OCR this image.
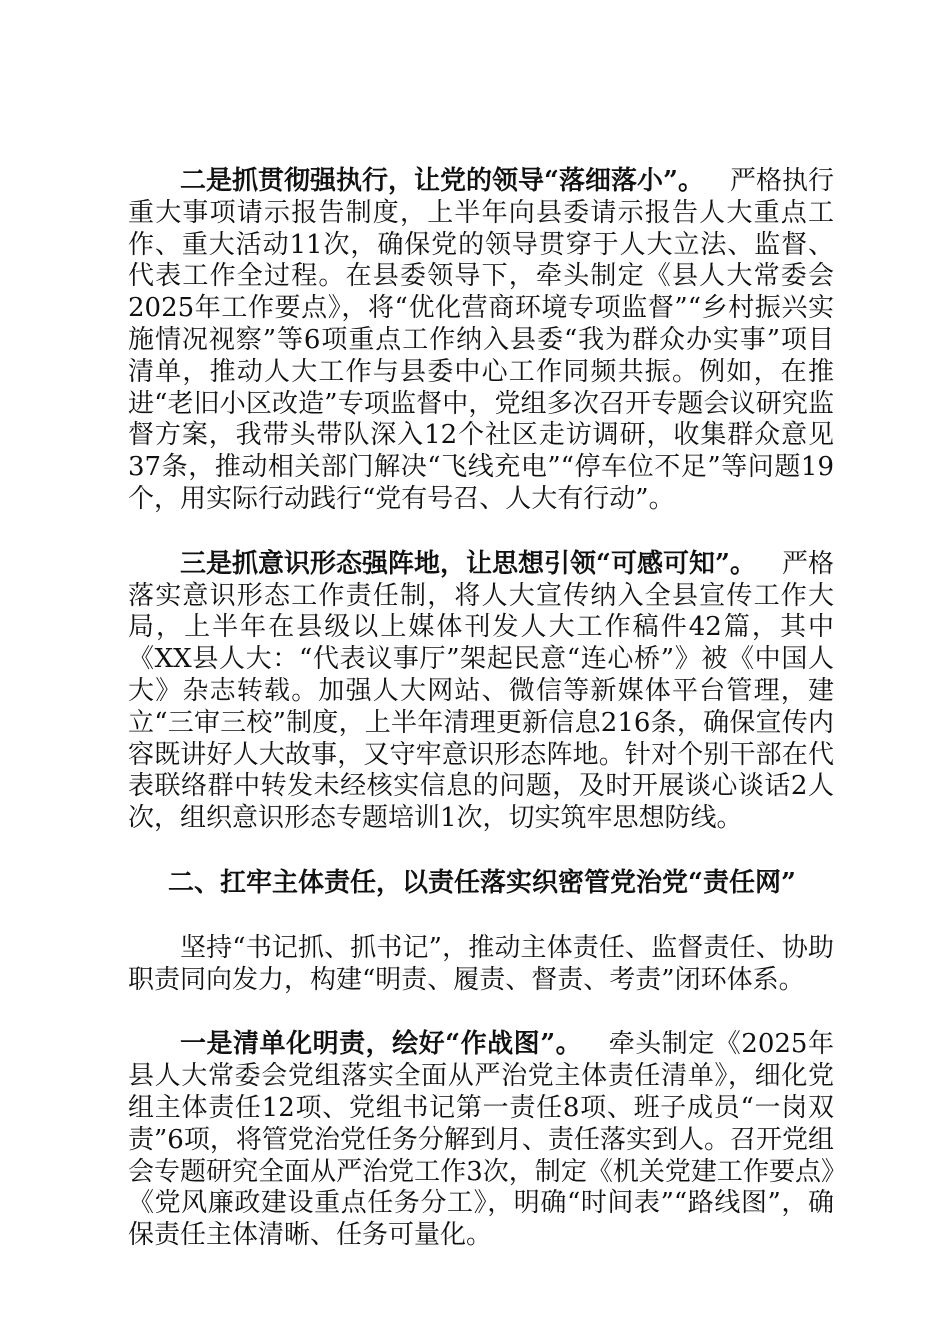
二是抓贯彻强执行，让党的领导“落细落小”。  严格执行重大事项请示报告制度，上半年向县委请示报告人大重点工作、重大活动11次，确保党的领导贯穿于人大立法、监督、代表工作全过程。在县委领导下，牵头制定《县人大常委会2025年工作要点》，将“优化营商环境专项监督”“乡村振兴实施情况视察”等6项重点工作纳入县委“我为群众办实事”项目清单，推动人大工作与县委中心工作同频共振。例如，在推进“老旧小区改造”专项监督中，党组多次召开专题会议研究监督方案，我带头带队深入12个社区走访调研，收集群众意见37条，推动相关部门解决“飞线充电”“停车位不足”等问题19个，用实际行动践行“党有号召、人大有行动”。

三是抓意识形态强阵地，让思想引领“可感可知”。  严格落实意识形态工作责任制，将人大宣传纳入全县宣传工作大局，上半年在县级以上媒体刊发人大工作稿件42篇，其中《XX县人大：“代表议事厅”架起民意“连心桥”》被《中国人大》杂志转载。加强人大网站、微信等新媒体平台管理，建立“三审三校”制度，上半年清理更新信息216条，确保宣传内容既讲好人大故事，又守牢意识形态阵地。针对个别干部在代表联络群中转发未经核实信息的问题，及时开展谈心谈话2人次，组织意识形态专题培训1次，切实筑牢思想防线。

二、扛牢主体责任，以责任落实织密管党治党“责任网”

坚持“书记抓、抓书记”，推动主体责任、监督责任、协助职责同向发力，构建“明责、履责、督责、考责”闭环体系。

一是清单化明责，绘好“作战图”。  牵头制定《2025年县人大常委会党组落实全面从严治党主体责任清单》，细化党组主体责任12项、党组书记第一责任8项、班子成员“一岗双责”6项，将管党治党任务分解到月、责任落实到人。召开党组会专题研究全面从严治党工作3次，制定《机关党建工作要点》《党风廉政建设重点任务分工》，明确“时间表”“路线图”，确保责任主体清晰、任务可量化。
